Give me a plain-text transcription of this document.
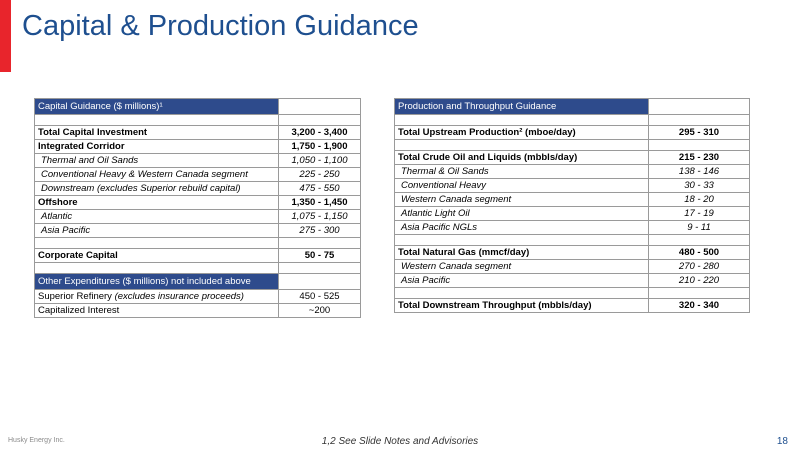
Capital & Production Guidance
Capital Guidance ($ millions)¹	

Total Capital Investment	3,200 - 3,400
Integrated Corridor	1,750 - 1,900
Thermal and Oil Sands	1,050 - 1,100
Conventional Heavy & Western Canada segment	225 - 250
Downstream (excludes Superior rebuild capital)	475 - 550
Offshore	1,350 - 1,450
Atlantic	1,075 - 1,150
Asia Pacific	275 - 300

Corporate Capital	50 - 75

Other Expenditures ($ millions) not included above	
Superior Refinery (excludes insurance proceeds)	450 - 525
Capitalized Interest	~200
Production and Throughput Guidance	

Total Upstream Production² (mboe/day)	295 - 310

Total Crude Oil and Liquids (mbbls/day)	215 - 230
Thermal & Oil Sands	138 - 146
Conventional Heavy	30 - 33
Western Canada segment	18 - 20
Atlantic Light Oil	17 - 19
Asia Pacific NGLs	9 - 11

Total Natural Gas (mmcf/day)	480 - 500
Western Canada segment	270 - 280
Asia Pacific	210 - 220

Total Downstream Throughput (mbbls/day)	320 - 340
Husky Energy Inc.	1,2 See Slide Notes and Advisories	18
